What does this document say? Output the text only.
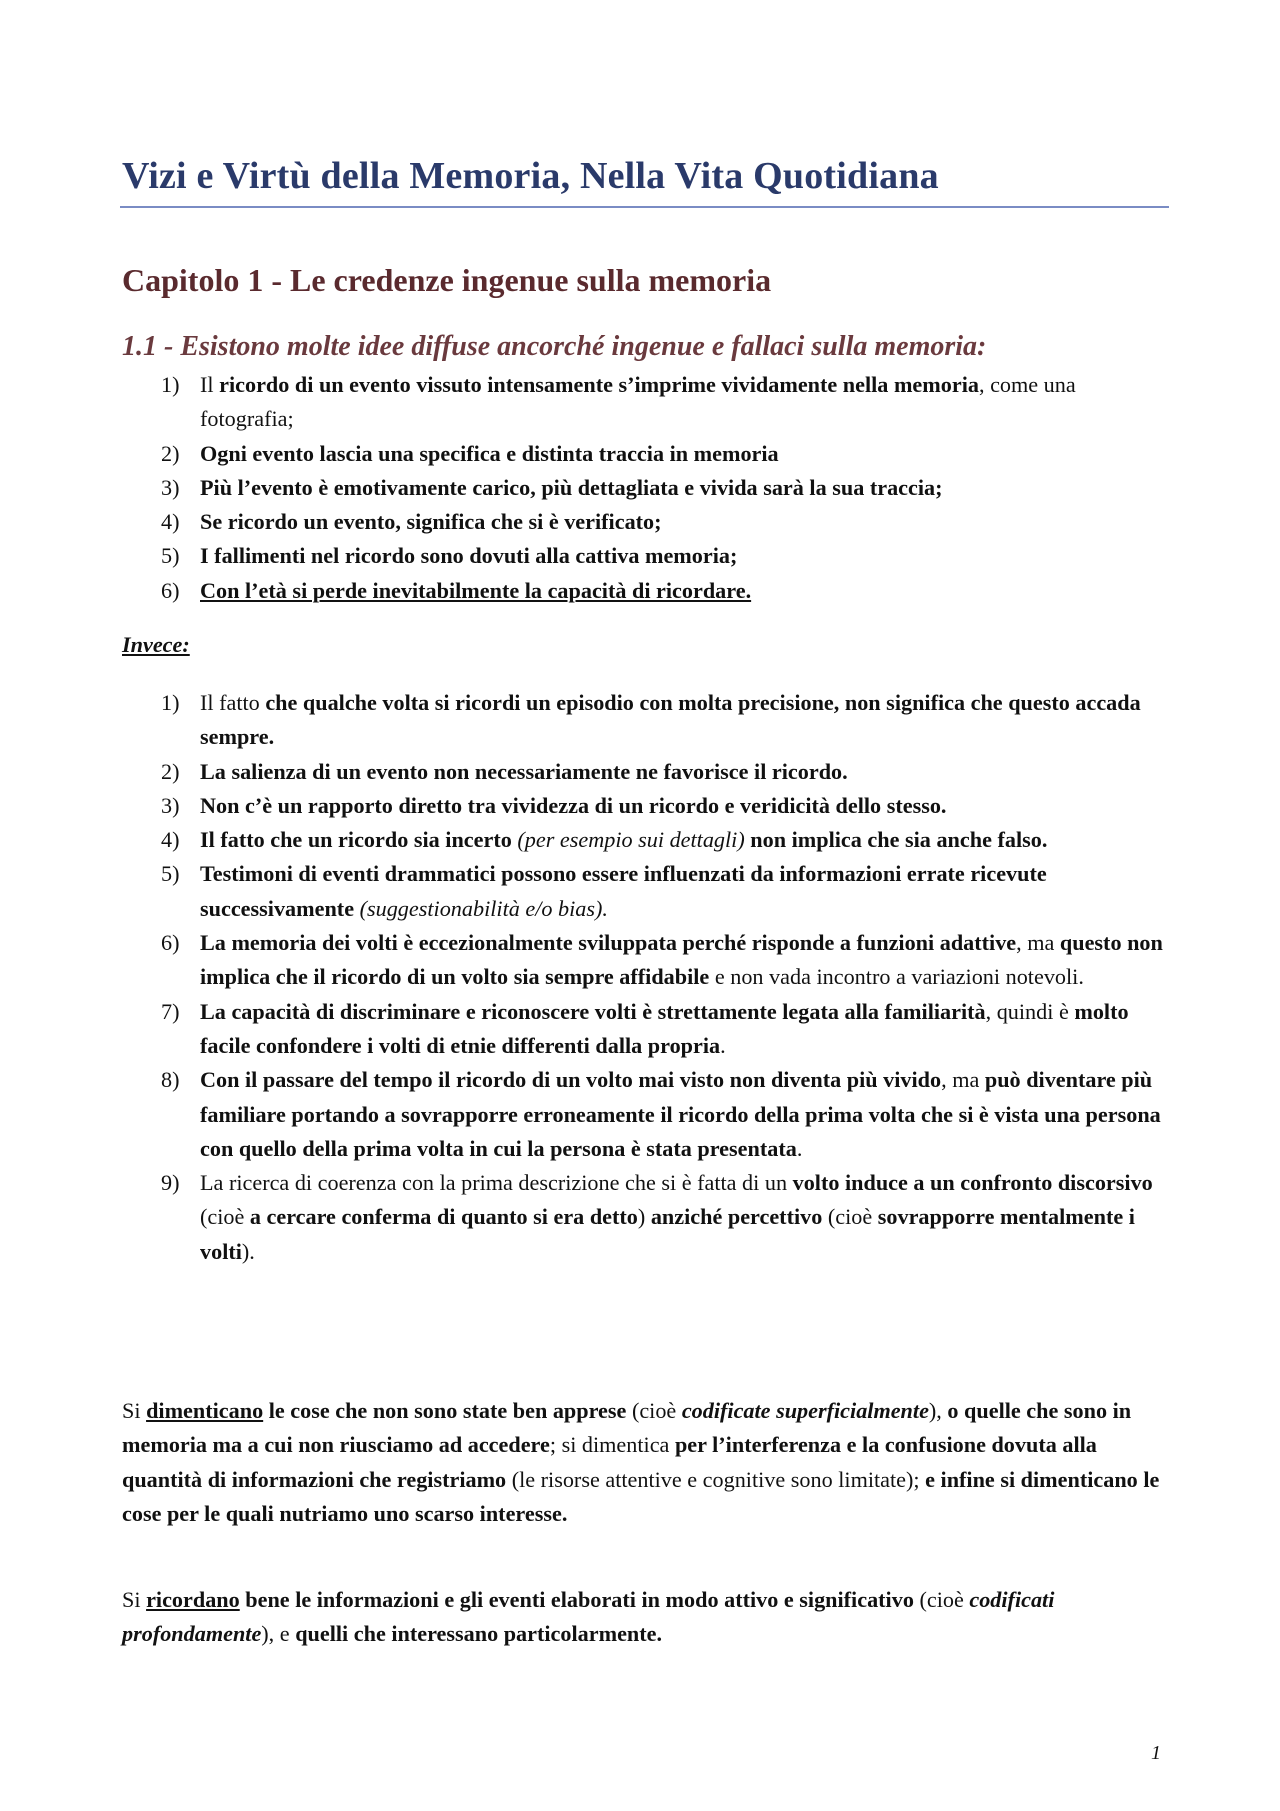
Vizi e Virtù della Memoria, Nella Vita Quotidiana
Capitolo 1 - Le credenze ingenue sulla memoria
1.1 - Esistono molte idee diffuse ancorché ingenue e fallaci sulla memoria:
1) Il ricordo di un evento vissuto intensamente s’imprime vividamente nella memoria, come una fotografia;
2) Ogni evento lascia una specifica e distinta traccia in memoria
3) Più l’evento è emotivamente carico, più dettagliata e vivida sarà la sua traccia;
4) Se ricordo un evento, significa che si è verificato;
5) I fallimenti nel ricordo sono dovuti alla cattiva memoria;
6) Con l’età si perde inevitabilmente la capacità di ricordare.
Invece:
1) Il fatto che qualche volta si ricordi un episodio con molta precisione, non significa che questo accada sempre.
2) La salienza di un evento non necessariamente ne favorisce il ricordo.
3) Non c’è un rapporto diretto tra vividezza di un ricordo e veridicità dello stesso.
4) Il fatto che un ricordo sia incerto (per esempio sui dettagli) non implica che sia anche falso.
5) Testimoni di eventi drammatici possono essere influenzati da informazioni errate ricevute successivamente (suggestionabilità e/o bias).
6) La memoria dei volti è eccezionalmente sviluppata perché risponde a funzioni adattive, ma questo non implica che il ricordo di un volto sia sempre affidabile e non vada incontro a variazioni notevoli.
7) La capacità di discriminare e riconoscere volti è strettamente legata alla familiarità, quindi è molto facile confondere i volti di etnie differenti dalla propria.
8) Con il passare del tempo il ricordo di un volto mai visto non diventa più vivido, ma può diventare più familiare portando a sovrapporre erroneamente il ricordo della prima volta che si è vista una persona con quello della prima volta in cui la persona è stata presentata.
9) La ricerca di coerenza con la prima descrizione che si è fatta di un volto induce a un confronto discorsivo (cioè a cercare conferma di quanto si era detto) anziché percettivo (cioè sovrapporre mentalmente i volti).

Si dimenticano le cose che non sono state ben apprese (cioè codificate superficialmente), o quelle che sono in memoria ma a cui non riusciamo ad accedere; si dimentica per l’interferenza e la confusione dovuta alla quantità di informazioni che registriamo (le risorse attentive e cognitive sono limitate); e infine si dimenticano le cose per le quali nutriamo uno scarso interesse.

Si ricordano bene le informazioni e gli eventi elaborati in modo attivo e significativo (cioè codificati profondamente), e quelli che interessano particolarmente.

1
